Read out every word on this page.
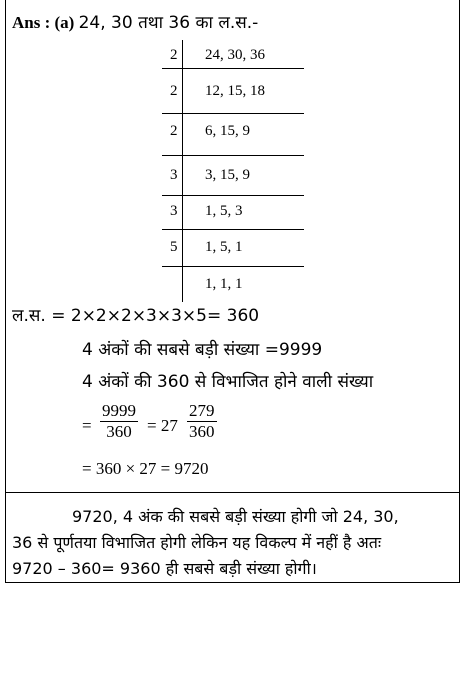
Ans : (a) 24, 30 तथा 36 का ल.स.-
2 24, 30, 36
2 12, 15, 18
2 6, 15, 9
3 3, 15, 9
3 1, 5, 3
5 1, 5, 1
1, 1, 1
ल.स. = 2×2×2×3×3×5= 360
4 अंकों की सबसे बड़ी संख्या =9999
4 अंकों की 360 से विभाजित होने वाली संख्या
= $\frac{9999}{360} = 27 \frac{279}{360}$
= 360 × 27 = 9720
9720, 4 अंक की सबसे बड़ी संख्या होगी जो 24, 30,
36 से पूर्णतया विभाजित होगी लेकिन यह विकल्प में नहीं है अतः
9720 – 360= 9360 ही सबसे बड़ी संख्या होगी।
